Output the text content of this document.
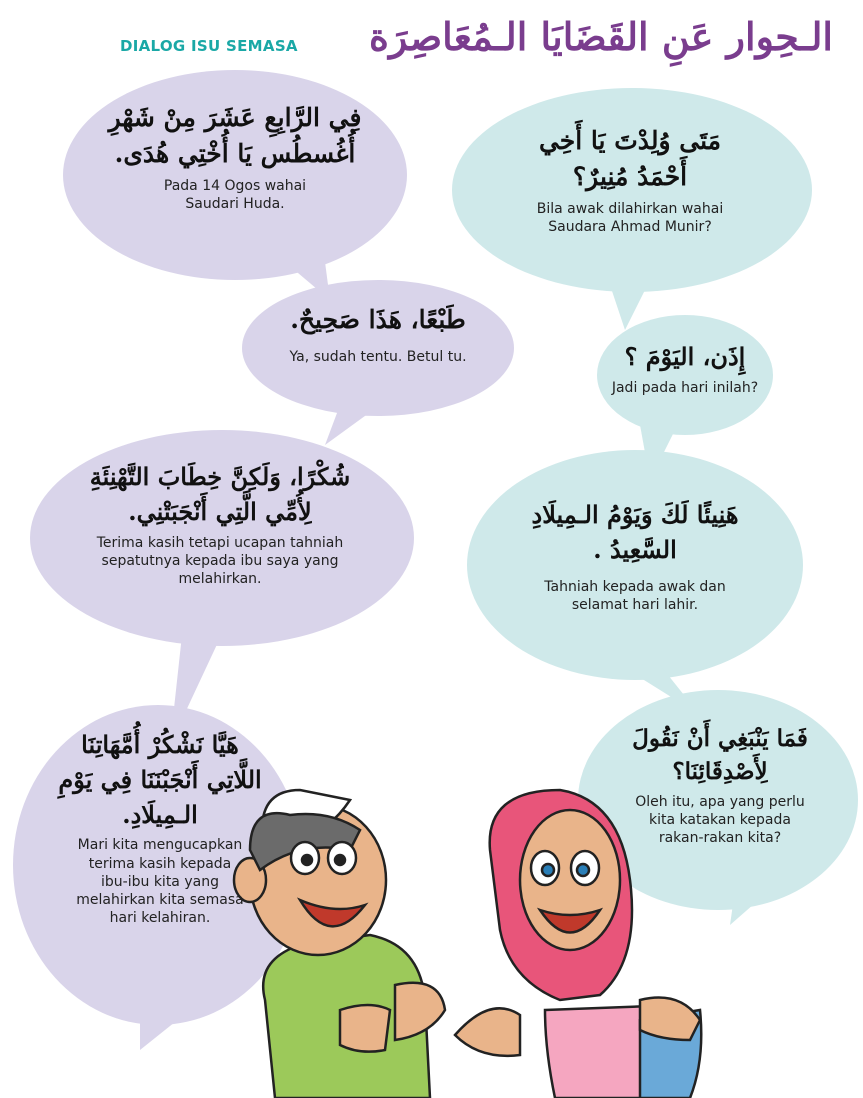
DIALOG ISU SEMASA الـحِوار عَنِ القَضَايَا الـمُعَاصِرَة
فِي الرَّابِعِ عَشَرَ مِنْ شَهْرِ
أُغُسطُس يَا أُخْتِي هُدَى.
Pada 14 Ogos wahai
Saudari Huda.
مَتَى وُلِدْتَ يَا أَخِي
أَحْمَدُ مُنِيرٌ؟
Bila awak dilahirkan wahai
Saudara Ahmad Munir?
طَبْعًا، هَذَا صَحِيحٌ.
Ya, sudah tentu. Betul tu.	إِذَن، اليَوْمَ ؟
Jadi pada hari inilah?
شُكْرًا، وَلَكِنَّ خِطَابَ التَّهْنِئَةِ
لِأُمِّي الَّتِي أَنْجَبَتْنِي.
Terima kasih tetapi ucapan tahniah
sepatutnya kepada ibu saya yang
melahirkan.
هَنِيئًا لَكَ وَيَوْمُ الـمِيلَادِ
السَّعِيدُ .
Tahniah kepada awak dan
selamat hari lahir.
هَيَّا نَشْكُرْ أُمَّهَاتِنَا
اللَّاتِي أَنْجَبْنَنَا فِي يَوْمِ
الـمِيلَادِ.
Mari kita mengucapkan
terima kasih kepada
ibu-ibu kita yang
melahirkan kita semasa
hari kelahiran.
فَمَا يَنْبَغِي أَنْ نَقُولَ
لِأَصْدِقَائِنَا؟
Oleh itu, apa yang perlu
kita katakan kepada
rakan-rakan kita?
